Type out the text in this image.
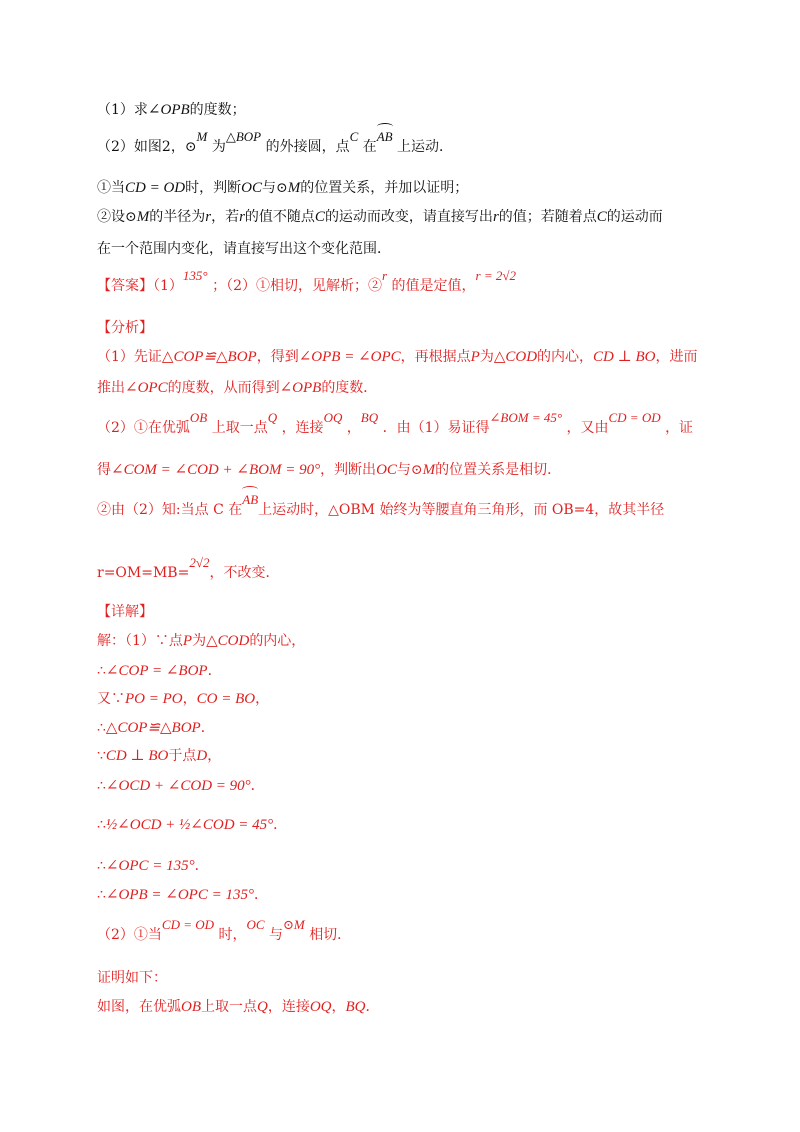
（1）求∠OPB的度数；
（2）如图2，⊙M 为△BOP 的外接圆，点C 在AB 上运动．
①当CD = OD时，判断OC与⊙M的位置关系，并加以证明；
②设⊙M的半径为r，若r的值不随点C的运动而改变，请直接写出r的值；若随着点C的运动而
在一个范围内变化，请直接写出这个变化范围．
【答案】（1）135° ；（2）①相切，见解析；②r 的值是定值，r = 2√2
【分析】
（1）先证△COP≌△BOP，得到∠OPB = ∠OPC，再根据点P为△COD的内心，CD ⊥ BO，进而
推出∠OPC的度数，从而得到∠OPB的度数．
（2）①在优弧OB 上取一点Q ，连接OQ ，BQ ．由（1）易证得∠BOM = 45° ，又由CD = OD ，证
得∠COM = ∠COD + ∠BOM = 90°，判断出OC与⊙M的位置关系是相切．
②由（2）知:当点 C 在AB上运动时，△OBM 始终为等腰直角三角形，而 OB=4，故其半径
r=OM=MB=2√2，不改变．
【详解】
解：（1）∵点P为△COD的内心，
∴∠COP = ∠BOP．
又∵PO = PO，CO = BO，
∴△COP≌△BOP．
∵CD ⊥ BO于点D，
∴∠OCD + ∠COD = 90°．
∴½∠OCD + ½∠COD = 45°．
∴∠OPC = 135°．
∴∠OPB = ∠OPC = 135°．
（2）①当CD = OD 时，OC 与⊙M 相切．
证明如下：
如图，在优弧OB上取一点Q，连接OQ，BQ．
